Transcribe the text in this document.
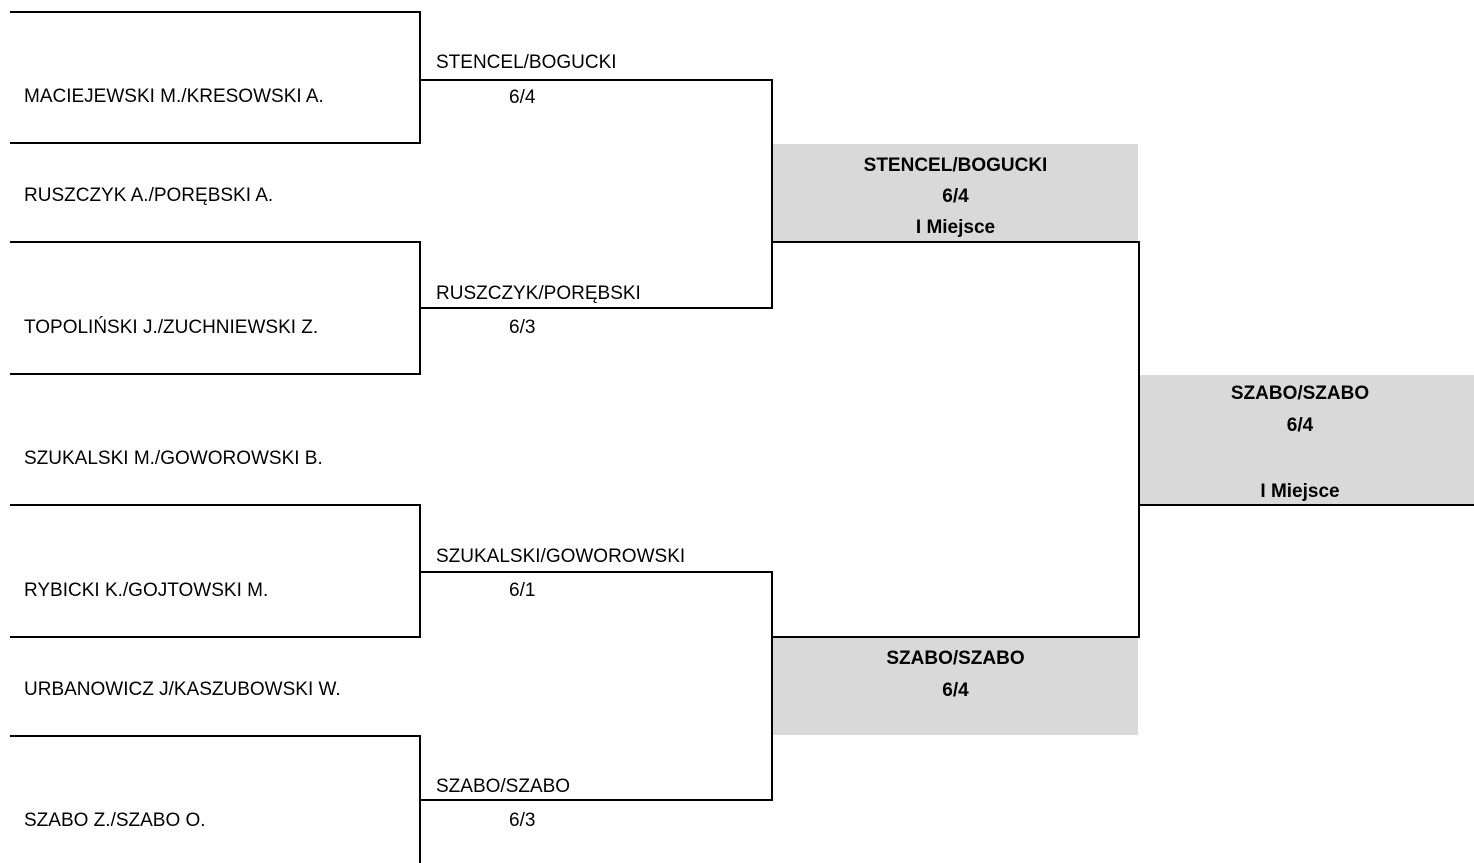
MACIEJEWSKI M./KRESOWSKI A.
RUSZCZYK A./PORĘBSKI A.
TOPOLIŃSKI J./ZUCHNIEWSKI Z.
SZUKALSKI M./GOWOROWSKI B.
RYBICKI K./GOJTOWSKI M.
URBANOWICZ J/KASZUBOWSKI W.
SZABO Z./SZABO O.
STENCEL/BOGUCKI
6/4
RUSZCZYK/PORĘBSKI
6/3
SZUKALSKI/GOWOROWSKI
6/1
SZABO/SZABO
6/3
STENCEL/BOGUCKI
6/4
I Miejsce
SZABO/SZABO
6/4
SZABO/SZABO
6/4
I Miejsce
